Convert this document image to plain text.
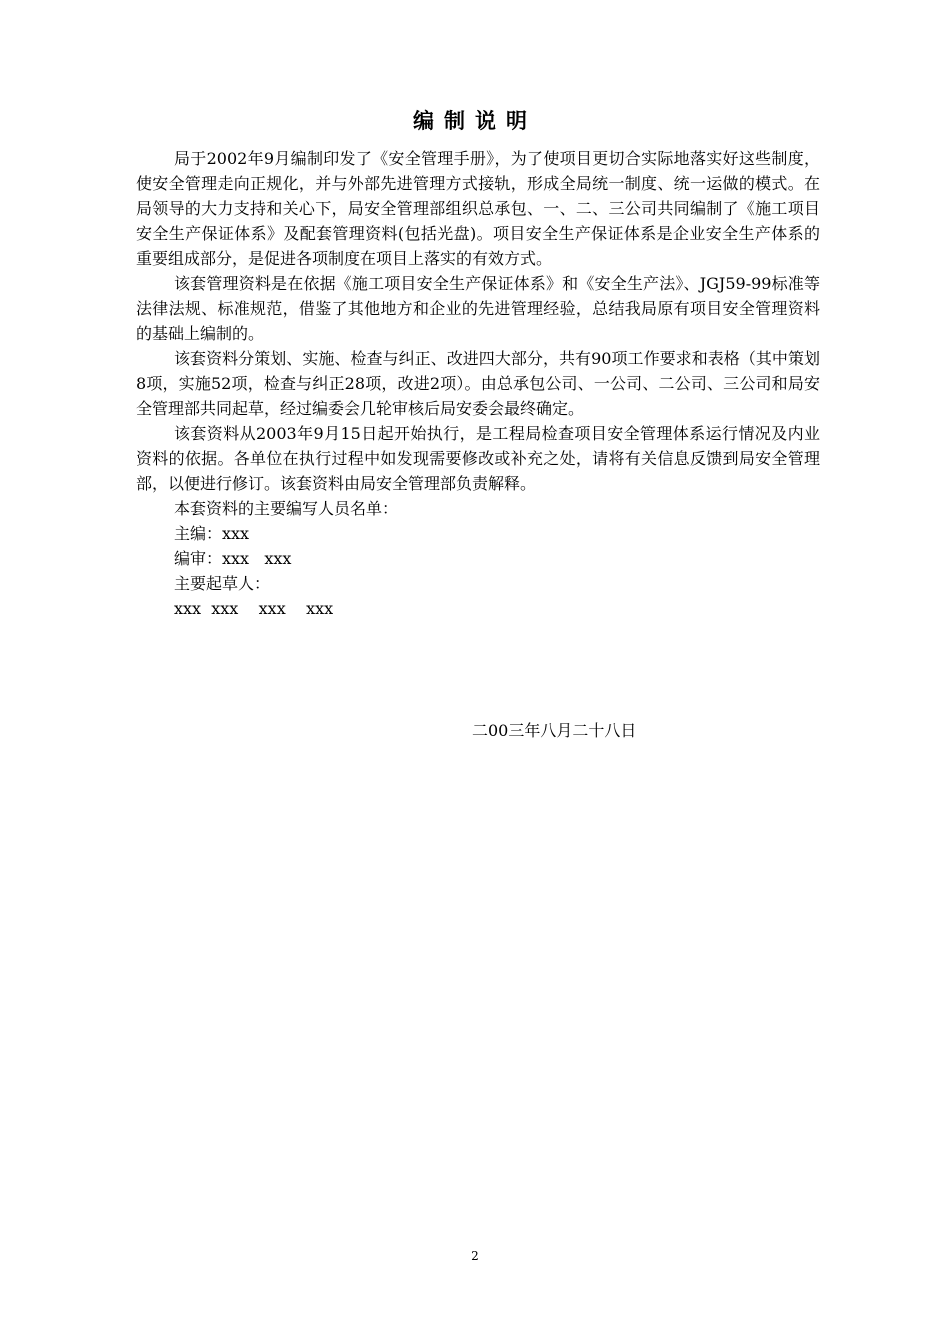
编制说明

局于2002年9月编制印发了《安全管理手册》，为了使项目更切合实际地落实好这些制度，使安全管理走向正规化，并与外部先进管理方式接轨，形成全局统一制度、统一运做的模式。在局领导的大力支持和关心下，局安全管理部组织总承包、一、二、三公司共同编制了《施工项目安全生产保证体系》及配套管理资料(包括光盘)。项目安全生产保证体系是企业安全生产体系的重要组成部分，是促进各项制度在项目上落实的有效方式。

该套管理资料是在依据《施工项目安全生产保证体系》和《安全生产法》、JGJ59-99标准等法律法规、标准规范，借鉴了其他地方和企业的先进管理经验，总结我局原有项目安全管理资料的基础上编制的。

该套资料分策划、实施、检查与纠正、改进四大部分，共有90项工作要求和表格（其中策划8项，实施52项，检查与纠正28项，改进2项）。由总承包公司、一公司、二公司、三公司和局安全管理部共同起草，经过编委会几轮审核后局安委会最终确定。

该套资料从2003年9月15日起开始执行，是工程局检查项目安全管理体系运行情况及内业资料的依据。各单位在执行过程中如发现需要修改或补充之处，请将有关信息反馈到局安全管理部，以便进行修订。该套资料由局安全管理部负责解释。

本套资料的主要编写人员名单：

主编：xxx

编审：xxx   xxx

主要起草人：

xxx  xxx    xxx    xxx

二00三年八月二十八日
2
